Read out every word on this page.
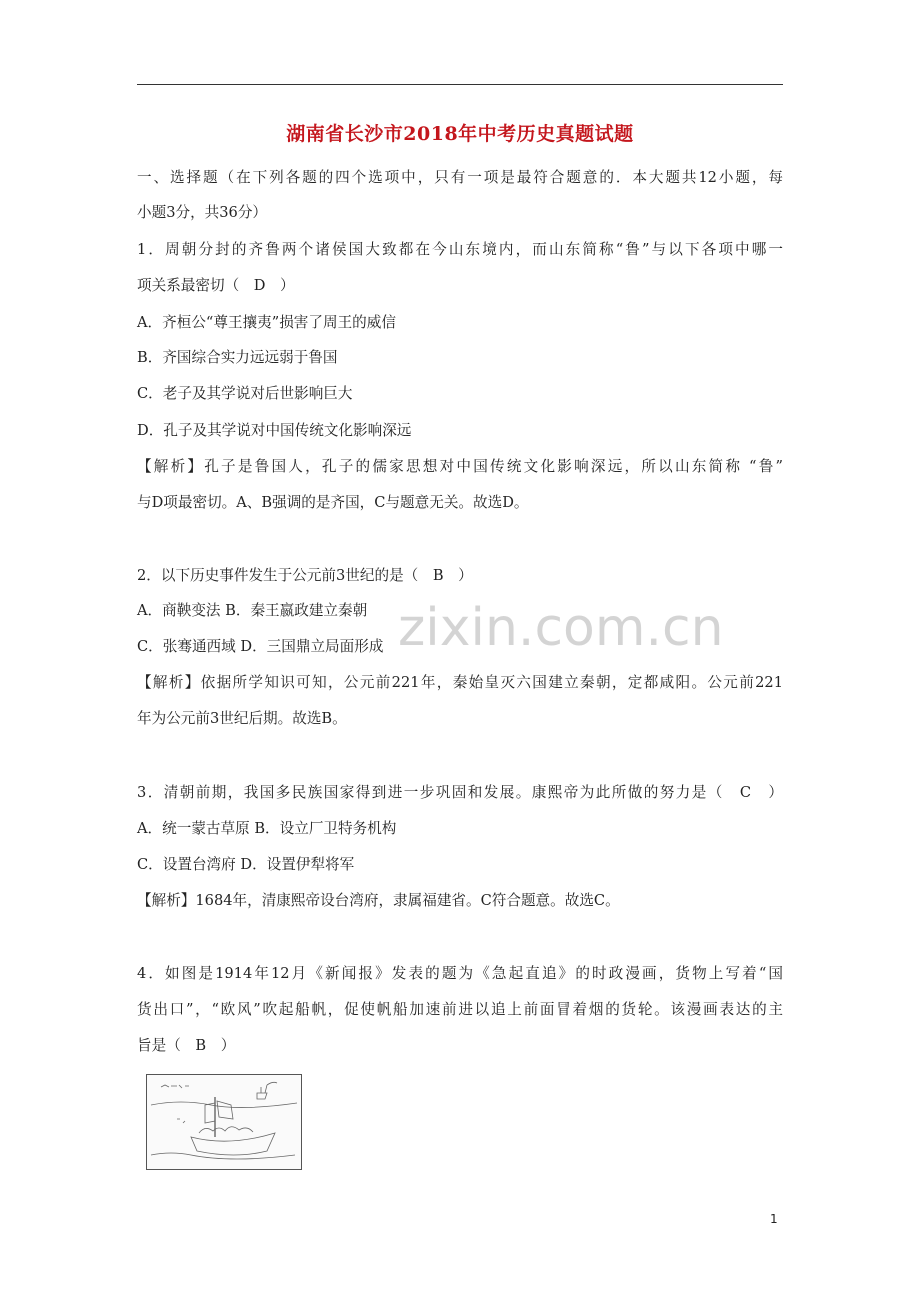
湖南省长沙市2018年中考历史真题试题
一、选择题（在下列各题的四个选项中，只有一项是最符合题意的．本大题共12小题，每
小题3分，共36分）
1．周朝分封的齐鲁两个诸侯国大致都在今山东境内，而山东简称“鲁”与以下各项中哪一
项关系最密切（　D　）
A．齐桓公“尊王攘夷”损害了周王的威信
B．齐国综合实力远远弱于鲁国
C．老子及其学说对后世影响巨大
D．孔子及其学说对中国传统文化影响深远
【解析】孔子是鲁国人，孔子的儒家思想对中国传统文化影响深远，所以山东简称 “鲁”
与D项最密切。A、B强调的是齐国，C与题意无关。故选D。
2．以下历史事件发生于公元前3世纪的是（　B　）
A．商鞅变法 B．秦王嬴政建立秦朝
C．张骞通西域 D．三国鼎立局面形成
【解析】依据所学知识可知，公元前221年，秦始皇灭六国建立秦朝，定都咸阳。公元前221
年为公元前3世纪后期。故选B。
3．清朝前期，我国多民族国家得到进一步巩固和发展。康熙帝为此所做的努力是（　C　）
A．统一蒙古草原 B．设立厂卫特务机构
C．设置台湾府 D．设置伊犁将军
【解析】1684年，清康熙帝设台湾府，隶属福建省。C符合题意。故选C。
4．如图是1914年12月《新闻报》发表的题为《急起直追》的时政漫画，货物上写着“国
货出口”，“欧风”吹起船帆，促使帆船加速前进以追上前面冒着烟的货轮。该漫画表达的主
旨是（　B　）
zixin.com.cn
1
